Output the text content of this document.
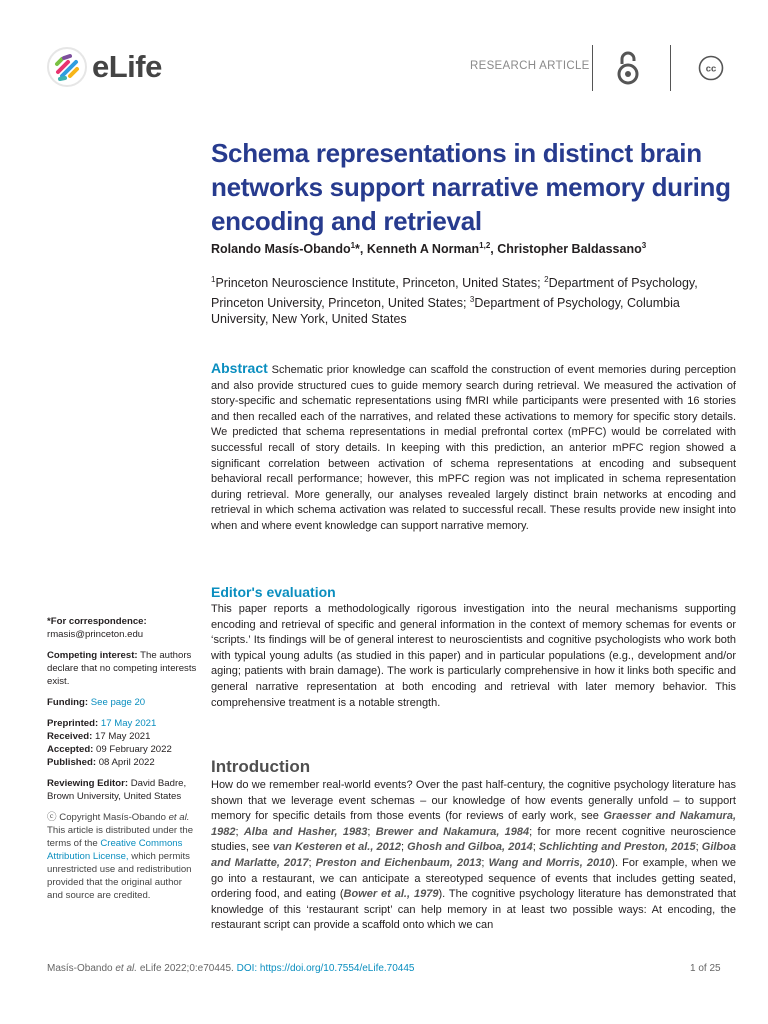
eLife	RESEARCH ARTICLE	cc
Schema representations in distinct brain networks support narrative memory during encoding and retrieval
Rolando Masís-Obando$^1$*, Kenneth A Norman$^{1,2}$, Christopher Baldassano$^3$
$^1$Princeton Neuroscience Institute, Princeton, United States; $^2$Department of Psychology, Princeton University, Princeton, United States; $^3$Department of Psychology, Columbia University, New York, United States
Abstract Schematic prior knowledge can scaffold the construction of event memories during perception and also provide structured cues to guide memory search during retrieval. We measured the activation of story-specific and schematic representations using fMRI while participants were presented with 16 stories and then recalled each of the narratives, and related these activations to memory for specific story details. We predicted that schema representations in medial prefrontal cortex (mPFC) would be correlated with successful recall of story details. In keeping with this prediction, an anterior mPFC region showed a significant correlation between activation of schema representations at encoding and subsequent behavioral recall performance; however, this mPFC region was not implicated in schema representation during retrieval. More generally, our analyses revealed largely distinct brain networks at encoding and retrieval in which schema activation was related to successful recall. These results provide new insight into when and where event knowledge can support narrative memory.
Editor's evaluation
This paper reports a methodologically rigorous investigation into the neural mechanisms supporting encoding and retrieval of specific and general information in the context of memory schemas for events or ‘scripts.’ Its findings will be of general interest to neuroscientists and cognitive psychologists who work both with typical young adults (as studied in this paper) and in particular populations (e.g., development and/or aging; patients with brain damage). The work is particularly comprehensive in how it links both specific and general narrative representation at both encoding and retrieval with later memory behavior. This comprehensive treatment is a notable strength.
Introduction
How do we remember real-world events? Over the past half-century, the cognitive psychology literature has shown that we leverage event schemas – our knowledge of how events generally unfold – to support memory for specific details from those events (for reviews of early work, see Graesser and Nakamura, 1982; Alba and Hasher, 1983; Brewer and Nakamura, 1984; for more recent cognitive neuroscience studies, see van Kesteren et al., 2012; Ghosh and Gilboa, 2014; Schlichting and Preston, 2015; Gilboa and Marlatte, 2017; Preston and Eichenbaum, 2013; Wang and Morris, 2010). For example, when we go into a restaurant, we can anticipate a stereotyped sequence of events that includes getting seated, ordering food, and eating (Bower et al., 1979). The cognitive psychology literature has demonstrated that knowledge of this ‘restaurant script’ can help memory in at least two possible ways: At encoding, the restaurant script can provide a scaffold onto which we can

*For correspondence:
rmasis@princeton.edu

Competing interest: The authors declare that no competing interests exist.

Funding: See page 20

Preprinted: 17 May 2021
Received: 17 May 2021
Accepted: 09 February 2022
Published: 08 April 2022

Reviewing Editor: David Badre, Brown University, United States

ⓒ Copyright Masís-Obando et al. This article is distributed under the terms of the Creative Commons Attribution License, which permits unrestricted use and redistribution provided that the original author and source are credited.

Masís-Obando et al. eLife 2022;0:e70445. DOI: https://doi.org/10.7554/eLife.70445	1 of 25
